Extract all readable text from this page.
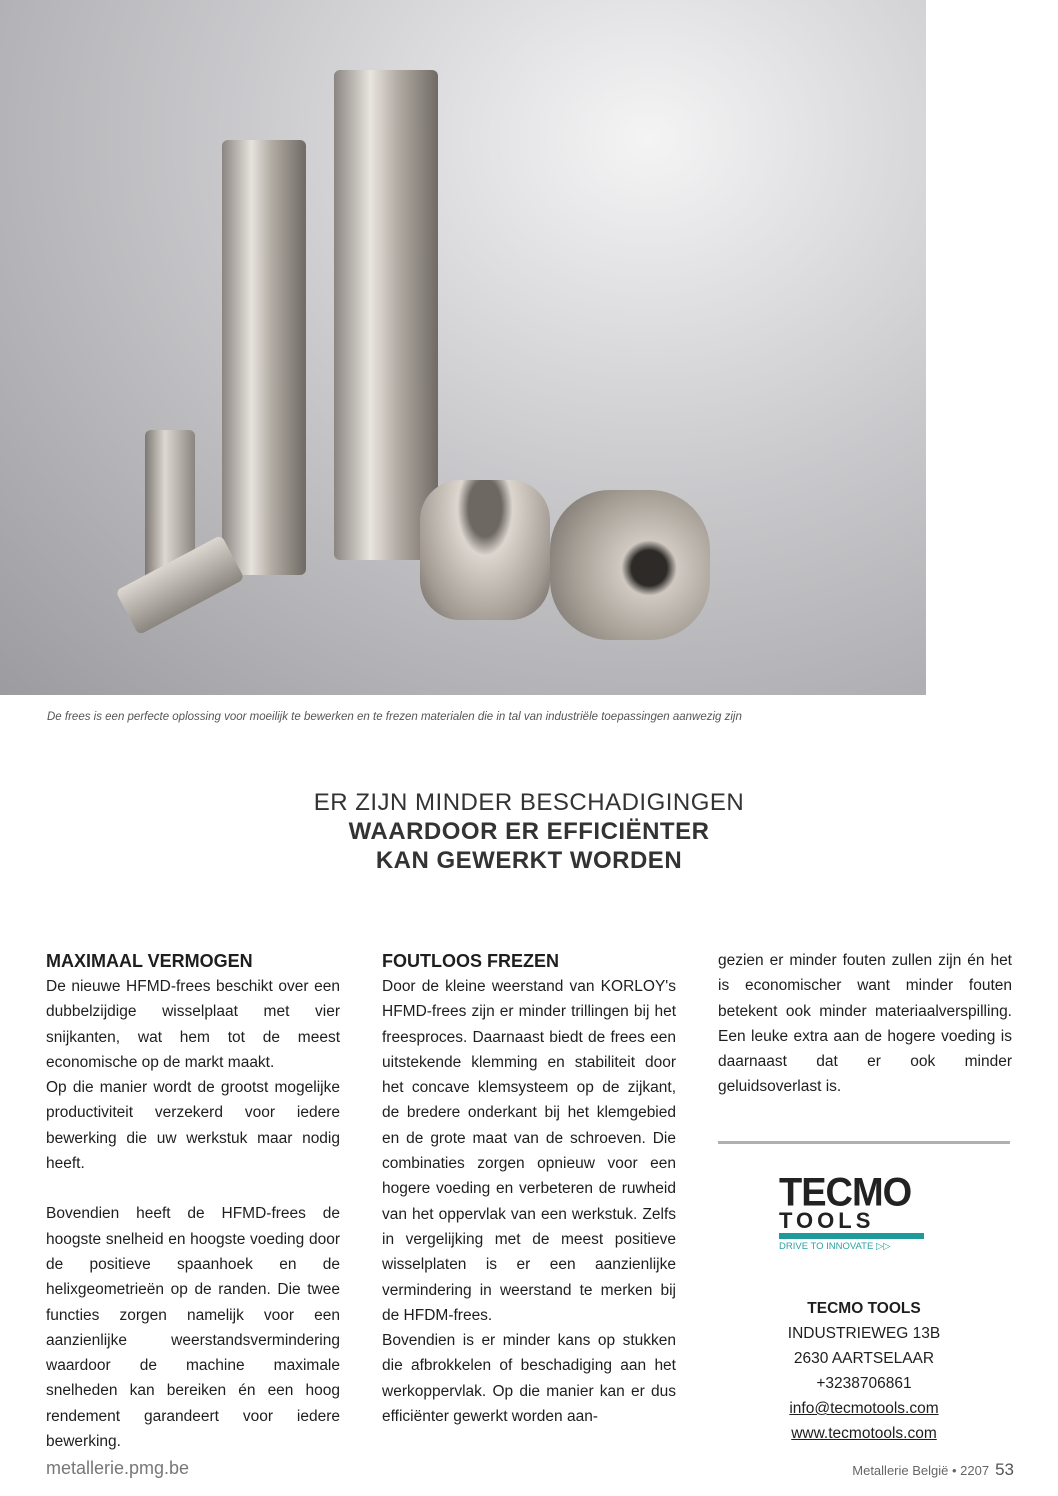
De frees is een perfecte oplossing voor moeilijk te bewerken en te frezen materialen die in tal van industriële toepassingen aanwezig zijn
ER ZIJN MINDER BESCHADIGINGEN
WAARDOOR ER EFFICIËNTER
KAN GEWERKT WORDEN
MAXIMAAL VERMOGEN

De nieuwe HFMD-frees beschikt over een dubbelzijdige wisselplaat met vier snijkanten, wat hem tot de meest economische op de markt maakt.

Op die manier wordt de grootst mogelijke productiviteit verzekerd voor iedere bewerking die uw werkstuk maar nodig heeft.

Bovendien heeft de HFMD-frees de hoogste snelheid en hoogste voeding door de positieve spaanhoek en de helixgeometrieën op de randen. Die twee functies zorgen namelijk voor een aanzienlijke weerstandsvermindering waardoor de machine maximale snelheden kan bereiken én een hoog rendement garandeert voor iedere bewerking.

FOUTLOOS FREZEN

Door de kleine weerstand van KORLOY's HFMD-frees zijn er minder trillingen bij het freesproces. Daarnaast biedt de frees een uitstekende klemming en stabiliteit door het concave klemsysteem op de zijkant, de bredere onderkant bij het klemgebied en de grote maat van de schroeven. Die combinaties zorgen opnieuw voor een hogere voeding en verbeteren de ruwheid van het oppervlak van een werkstuk. Zelfs in vergelijking met de meest positieve wisselplaten is er een aanzienlijke vermindering in weerstand te merken bij de HFDM-frees.

Bovendien is er minder kans op stukken die afbrokkelen of beschadiging aan het werkoppervlak. Op die manier kan er dus efficiënter gewerkt worden aan-

gezien er minder fouten zullen zijn én het is economischer want minder fouten betekent ook minder materiaalverspilling. Een leuke extra aan de hogere voeding is daarnaast dat er ook minder geluidsoverlast is.

TECMO
TOOLS
DRIVE TO INNOVATE ▷▷
TECMO TOOLS
INDUSTRIEWEG 13B
2630 AARTSELAAR
+3238706861
info@tecmotools.com
www.tecmotools.com
metallerie.pmg.be	Metallerie België • 2207 53
